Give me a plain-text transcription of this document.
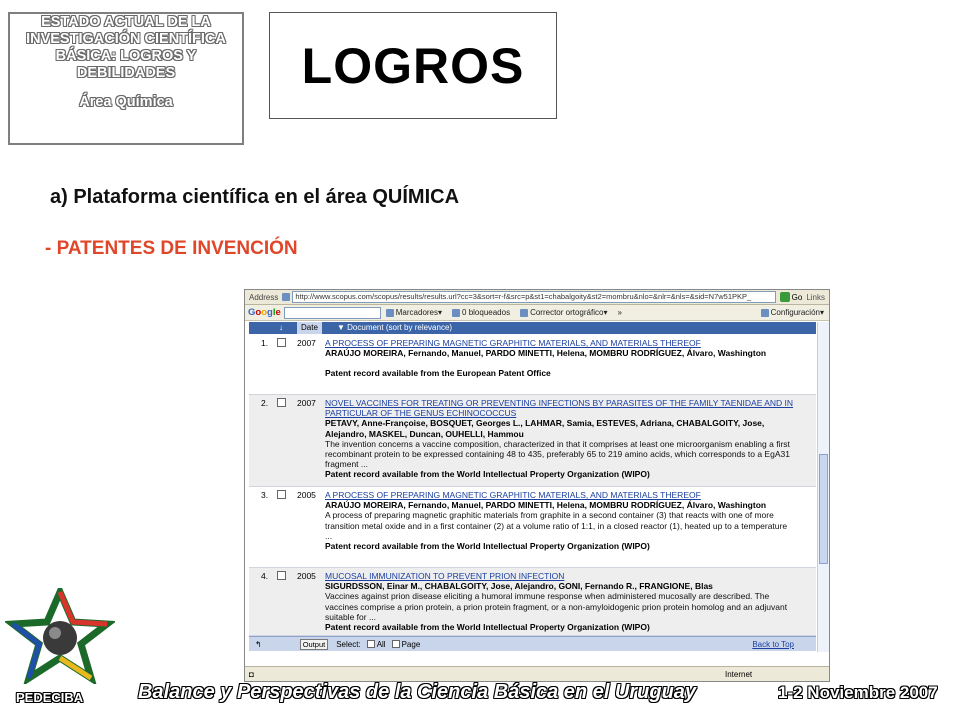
ESTADO ACTUAL DE LA INVESTIGACIÓN CIENTÍFICA BÁSICA: LOGROS Y DEBILIDADES
Área Química
LOGROS
a) Plataforma científica en el área QUÍMICA
- PATENTES DE INVENCIÓN
Address	http://www.scopus.com/scopus/results/results.url?cc=3&sort=r-f&src=p&st1=chabalgoity&st2=mombru&nlo=&nlr=&nls=&sid=N7w51PKP_	Go Links
Google	Marcadores▾	0 bloqueados	Corrector ortográfico▾	»	Configuración▾
↓	Date	▼ Document (sort by relevance)
1.	2007 A PROCESS OF PREPARING MAGNETIC GRAPHITIC MATERIALS, AND MATERIALS THEREOF
ARAÚJO MOREIRA, Fernando, Manuel, PARDO MINETTI, Helena, MOMBRU RODRÍGUEZ, Álvaro, Washington
Patent record available from the European Patent Office
2.	2007 NOVEL VACCINES FOR TREATING OR PREVENTING INFECTIONS BY PARASITES OF THE FAMILY TAENIDAE AND IN PARTICULAR OF THE GENUS ECHINOCOCCUS
PETAVY, Anne-Françoise, BOSQUET, Georges L., LAHMAR, Samia, ESTEVES, Adriana, CHABALGOITY, Jose, Alejandro, MASKEL, Duncan, OUHELLI, Hammou
The invention concerns a vaccine composition, characterized in that it comprises at least one microorganism enabling a first recombinant protein to be expressed containing 48 to 435, preferably 65 to 219 amino acids, which corresponds to a EgA31 fragment ...
Patent record available from the World Intellectual Property Organization (WIPO)
3.	2005 A PROCESS OF PREPARING MAGNETIC GRAPHITIC MATERIALS, AND MATERIALS THEREOF
ARAÚJO MOREIRA, Fernando, Manuel, PARDO MINETTI, Helena, MOMBRU RODRÍGUEZ, Álvaro, Washington
A process of preparing magnetic graphitic materials from graphite in a second container (3) that reacts with one of more transition metal oxide and in a first container (2) at a volume ratio of 1:1, in a closed reactor (1), heated up to a temperature ...
Patent record available from the World Intellectual Property Organization (WIPO)
4.	2005 MUCOSAL IMMUNIZATION TO PREVENT PRION INFECTION
SIGURDSSON, Einar M., CHABALGOITY, Jose, Alejandro, GONI, Fernando R., FRANGIONE, Blas
Vaccines against prion disease eliciting a humoral immune response when administered mucosally are described. The vaccines comprise a prion protein, a prion protein fragment, or a non-amyloidogenic prion protein homolog and an adjuvant suitable for ...
Patent record available from the World Intellectual Property Organization (WIPO)
↰	Output	Select: All Page	Back to Top
◘	Internet
PEDECIBA	Balance y Perspectivas de la Ciencia Básica en el Uruguay	1-2 Noviembre 2007
